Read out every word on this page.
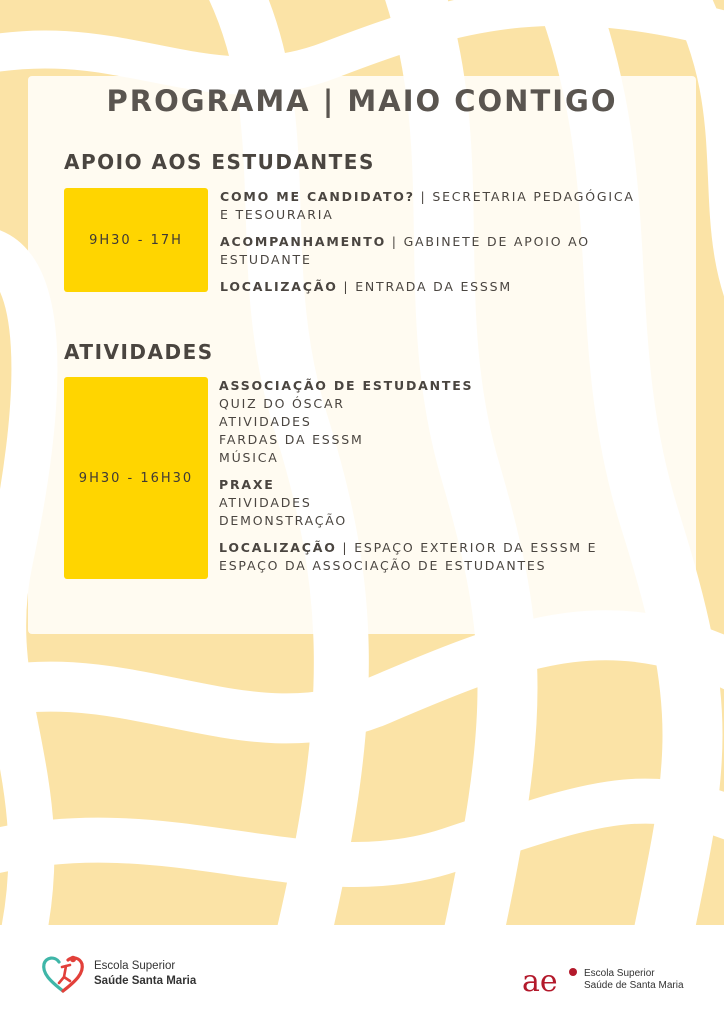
PROGRAMA | MAIO CONTIGO
APOIO AOS ESTUDANTES
9H30 - 17H
COMO ME CANDIDATO? | SECRETARIA PEDAGÓGICA
E TESOURARIA
ACOMPANHAMENTO | GABINETE DE APOIO AO
ESTUDANTE
LOCALIZAÇÃO | ENTRADA DA ESSSM
ATIVIDADES
9H30 - 16H30
ASSOCIAÇÃO DE ESTUDANTES
QUIZ DO ÓSCAR
ATIVIDADES
FARDAS DA ESSSM
MÚSICA
PRAXE
ATIVIDADES
DEMONSTRAÇÃO
LOCALIZAÇÃO | ESPAÇO EXTERIOR DA ESSSM E
ESPAÇO DA ASSOCIAÇÃO DE ESTUDANTES
Escola Superior
Saúde Santa Maria	ae	Escola Superior
Saúde de Santa Maria
